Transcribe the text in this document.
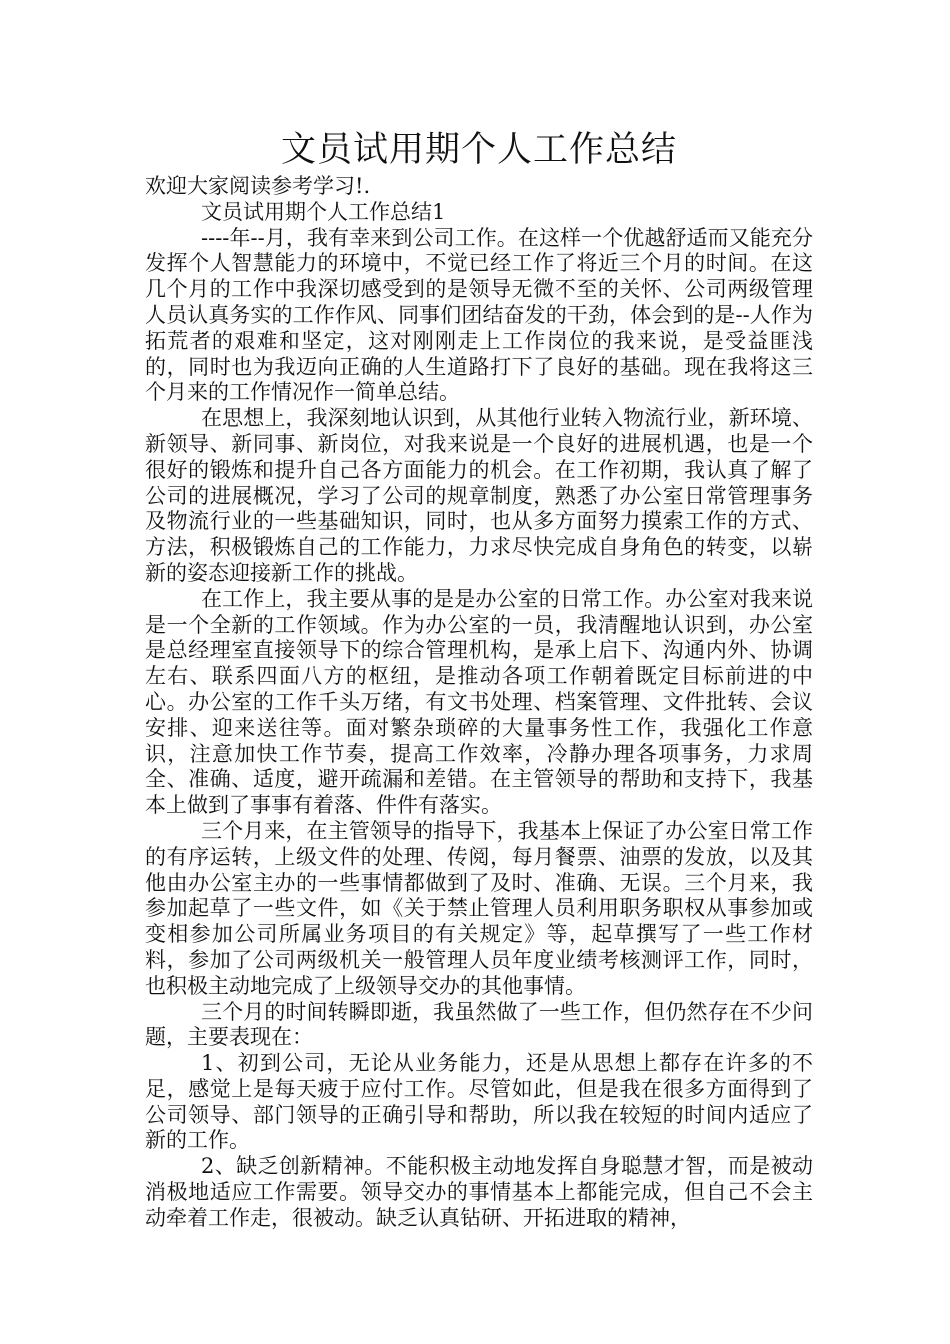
文员试用期个人工作总结

欢迎大家阅读参考学习!.

文员试用期个人工作总结1

----年--月，我有幸来到公司工作。在这样一个优越舒适而又能充分发挥个人智慧能力的环境中，不觉已经工作了将近三个月的时间。在这几个月的工作中我深切感受到的是领导无微不至的关怀、公司两级管理人员认真务实的工作作风、同事们团结奋发的干劲，体会到的是--人作为拓荒者的艰难和坚定，这对刚刚走上工作岗位的我来说，是受益匪浅的，同时也为我迈向正确的人生道路打下了良好的基础。现在我将这三个月来的工作情况作一简单总结。

在思想上，我深刻地认识到，从其他行业转入物流行业，新环境、新领导、新同事、新岗位，对我来说是一个良好的进展机遇，也是一个很好的锻炼和提升自己各方面能力的机会。在工作初期，我认真了解了公司的进展概况，学习了公司的规章制度，熟悉了办公室日常管理事务及物流行业的一些基础知识，同时，也从多方面努力摸索工作的方式、方法，积极锻炼自己的工作能力，力求尽快完成自身角色的转变，以崭新的姿态迎接新工作的挑战。

在工作上，我主要从事的是是办公室的日常工作。办公室对我来说是一个全新的工作领域。作为办公室的一员，我清醒地认识到，办公室是总经理室直接领导下的综合管理机构，是承上启下、沟通内外、协调左右、联系四面八方的枢纽，是推动各项工作朝着既定目标前进的中心。办公室的工作千头万绪，有文书处理、档案管理、文件批转、会议安排、迎来送往等。面对繁杂琐碎的大量事务性工作，我强化工作意识，注意加快工作节奏，提高工作效率，冷静办理各项事务，力求周全、准确、适度，避开疏漏和差错。在主管领导的帮助和支持下，我基本上做到了事事有着落、件件有落实。

三个月来，在主管领导的指导下，我基本上保证了办公室日常工作的有序运转，上级文件的处理、传阅，每月餐票、油票的发放，以及其他由办公室主办的一些事情都做到了及时、准确、无误。三个月来，我参加起草了一些文件，如《关于禁止管理人员利用职务职权从事参加或变相参加公司所属业务项目的有关规定》等，起草撰写了一些工作材料，参加了公司两级机关一般管理人员年度业绩考核测评工作，同时，也积极主动地完成了上级领导交办的其他事情。

三个月的时间转瞬即逝，我虽然做了一些工作，但仍然存在不少问题，主要表现在：

1、初到公司，无论从业务能力，还是从思想上都存在许多的不足，感觉上是每天疲于应付工作。尽管如此，但是我在很多方面得到了公司领导、部门领导的正确引导和帮助，所以我在较短的时间内适应了新的工作。

2、缺乏创新精神。不能积极主动地发挥自身聪慧才智，而是被动消极地适应工作需要。领导交办的事情基本上都能完成，但自己不会主动牵着工作走，很被动。缺乏认真钻研、开拓进取的精神，
